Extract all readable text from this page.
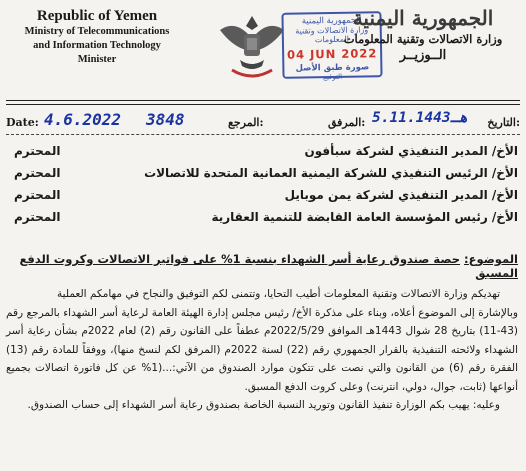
Republic of Yemen
Ministry of Telecommunications
and Information Technology
Minister
الجمهورية اليمنية
وزارة الاتصالات وتقنية المعلومات
04 JUN 2022
صورة طبق الأصل
التوقيع
الجمهورية اليمنية
وزارة الاتصالات وتقنية المعلومات
الــوزيــر
Date: 4.6.2022 3848	المرجع:	المرفق: 5.11.1443هـ التاريخ:
الأخ/ المدير التنفيذي لشركة سبأفون
المحترم
الأخ/ الرئيس التنفيذي للشركة اليمنية العمانية المتحدة للاتصالات
المحترم
الأخ/ المدير التنفيذي لشركة يمن موبايل
المحترم
الأخ/ رئيس المؤسسة العامة القابضة للتنمية العقارية
المحترم
الموضوع: حصة صندوق رعاية أسر الشهداء بنسبة 1% على فواتير الاتصالات وكروت الدفع المسبق

تهديكم وزارة الاتصالات وتقنية المعلومات أطيب التحايا، وتتمنى لكم التوفيق والنجاح في مهامكم العملية

وبالإشارة إلى الموضوع أعلاه، وبناء على مذكرة الأخ/ رئيس مجلس إدارة الهيئة العامة لرعاية أسر الشهداء بالمرجع رقم (43-11) بتاريخ 28 شوال 1443هـ الموافق 2022/5/29م عطفاً على القانون رقم (2) لعام 2022م بشأن رعاية أسر الشهداء ولائحته التنفيذية بالقرار الجمهوري رقم (22) لسنة 2022م (المرفق لكم لنسخ منها)، ووفقاً للمادة رقم (13) الفقرة رقم (6) من القانون والتي نصت على تتكون موارد الصندوق من الآتي:...(1% عن كل فاتورة اتصالات بجميع أنواعها (ثابت، جوال، دولي، انترنت) وعلى كروت الدفع المسبق.

وعليه: يهيب بكم الوزارة تنفيذ القانون وتوريد النسبة الخاصة بصندوق رعاية أسر الشهداء إلى حساب الصندوق.
